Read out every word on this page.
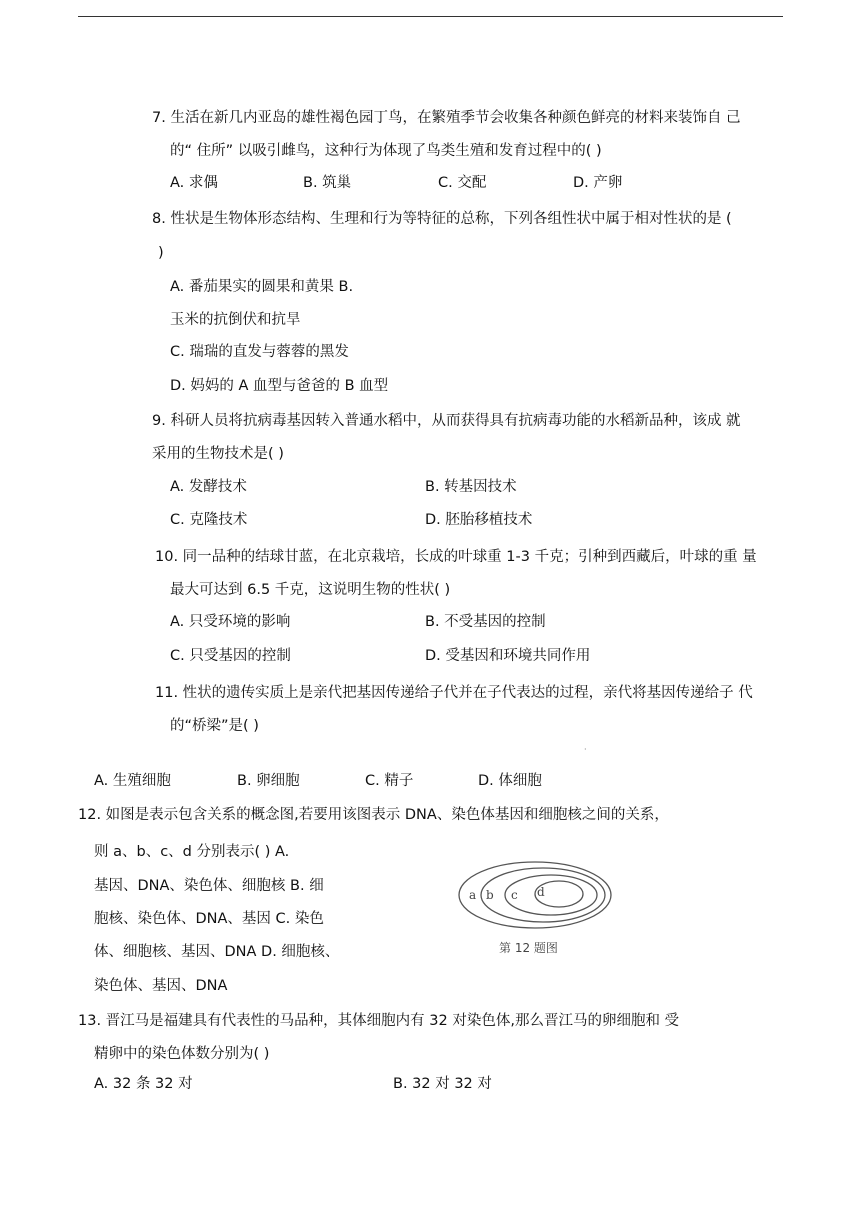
7. 生活在新几内亚岛的雄性褐色园丁鸟，在繁殖季节会收集各种颜色鲜亮的材料来装饰自 己
的“ 住所” 以吸引雌鸟，这种行为体现了鸟类生殖和发育过程中的( )
A. 求偶	B. 筑巢	C. 交配	D. 产卵
8. 性状是生物体形态结构、生理和行为等特征的总称，下列各组性状中属于相对性状的是 (
)
A. 番茄果实的圆果和黄果 B.
玉米的抗倒伏和抗旱
C. 瑞瑞的直发与蓉蓉的黑发
D. 妈妈的 A 血型与爸爸的 B 血型
9. 科研人员将抗病毒基因转入普通水稻中，从而获得具有抗病毒功能的水稻新品种，该成 就
采用的生物技术是( )
A. 发酵技术	B. 转基因技术
C. 克隆技术	D. 胚胎移植技术
10. 同一品种的结球甘蓝，在北京栽培，长成的叶球重 1-3 千克；引种到西藏后，叶球的重 量
最大可达到 6.5 千克，这说明生物的性状( )
A. 只受环境的影响	B. 不受基因的控制
C. 只受基因的控制	D. 受基因和环境共同作用
11. 性状的遗传实质上是亲代把基因传递给子代并在子代表达的过程，亲代将基因传递给子 代
的“桥梁”是( )
·
A. 生殖细胞	B. 卵细胞	C. 精子	D. 体细胞
12. 如图是表示包含关系的概念图,若要用该图表示 DNA、染色体基因和细胞核之间的关系，
则 a、b、c、d 分别表示( ) A.
基因、DNA、染色体、细胞核 B. 细
胞核、染色体、DNA、基因 C. 染色
体、细胞核、基因、DNA D. 细胞核、
染色体、基因、DNA
a b c d
第 12 题图
13. 晋江马是福建具有代表性的马品种，其体细胞内有 32 对染色体,那么晋江马的卵细胞和 受
精卵中的染色体数分别为( )
A. 32 条 32 对	B. 32 对 32 对
